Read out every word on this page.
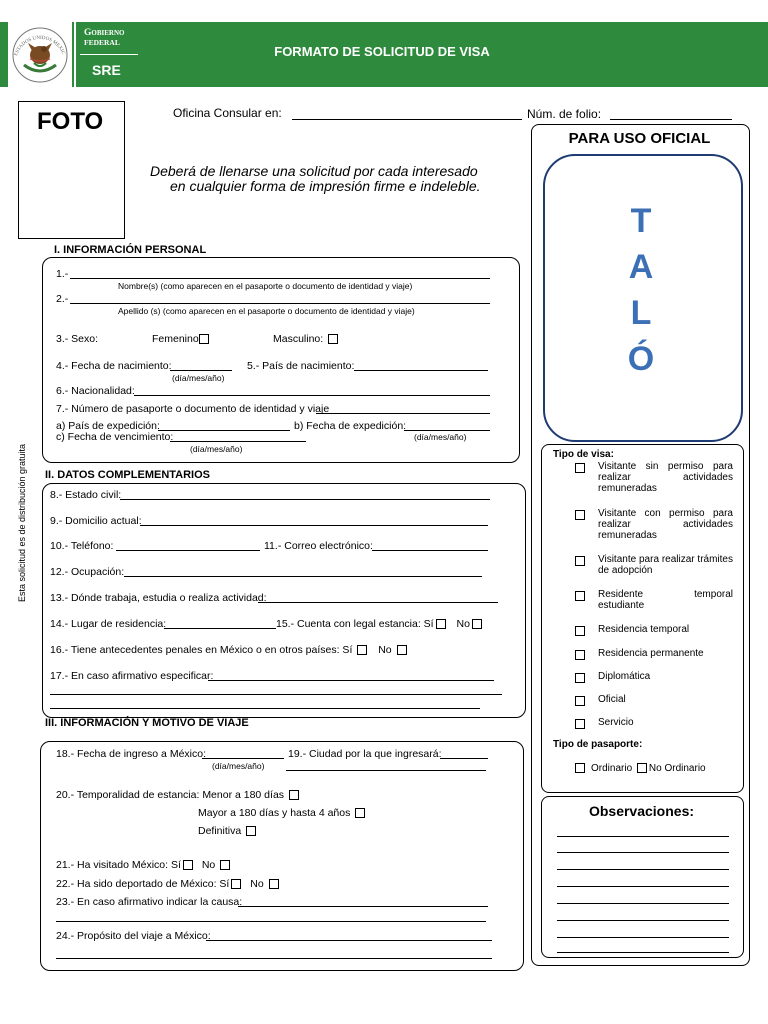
ESTADOS UNIDOS MEXIC
Gobierno
FEDERAL
SRE
FORMATO DE SOLICITUD DE VISA
FOTO	Oficina Consular en:	Núm. de folio:
Deberá de llenarse una solicitud por cada interesado
en cualquier forma de impresión firme e indeleble.
Esta solicitud es de distribución gratuita
I. INFORMACIÓN PERSONAL
1.-
Nombre(s) (como aparecen en el pasaporte o documento de identidad y viaje)
2.-
Apellido (s) (como aparecen en el pasaporte o documento de identidad y viaje)
3.- Sexo:	Femenino	Masculino:
4.- Fecha de nacimiento:
(día/mes/año)
5.- País de nacimiento:
6.- Nacionalidad:
7.- Número de pasaporte o documento de identidad y viaje
a) País de expedición:	b) Fecha de expedición:
c) Fecha de vencimiento:	(día/mes/año)
(día/mes/año)
II. DATOS COMPLEMENTARIOS
8.- Estado civil:
9.- Domicilio actual:
10.- Teléfono:	11.- Correo electrónico:
12.- Ocupación:
13.- Dónde trabaja, estudia o realiza actividad:
14.- Lugar de residencia:	15.- Cuenta con legal estancia: Sí No
16.- Tiene antecedentes penales en México o en otros países: Sí No
17.- En caso afirmativo especificar:
III. INFORMACIÓN Y MOTIVO DE VIAJE
18.- Fecha de ingreso a México:
(día/mes/año)
19.- Ciudad por la que ingresará:
20.- Temporalidad de estancia: Menor a 180 días
Mayor a 180 días y hasta 4 años
Definitiva
21.- Ha visitado México: Sí No
22.- Ha sido deportado de México: Sí No
23.- En caso afirmativo indicar la causa:
24.- Propósito del viaje a México:
PARA USO OFICIAL
T
A
L
Ó
Tipo de visa:
Visitante sin permiso para realizar actividades remuneradas
Visitante con permiso para realizar actividades remuneradas
Visitante para realizar trámites de adopción
Residente temporal estudiante
Residencia temporal
Residencia permanente
Diplomática
Oficial
Servicio
Tipo de pasaporte:
Ordinario No Ordinario
Observaciones:
